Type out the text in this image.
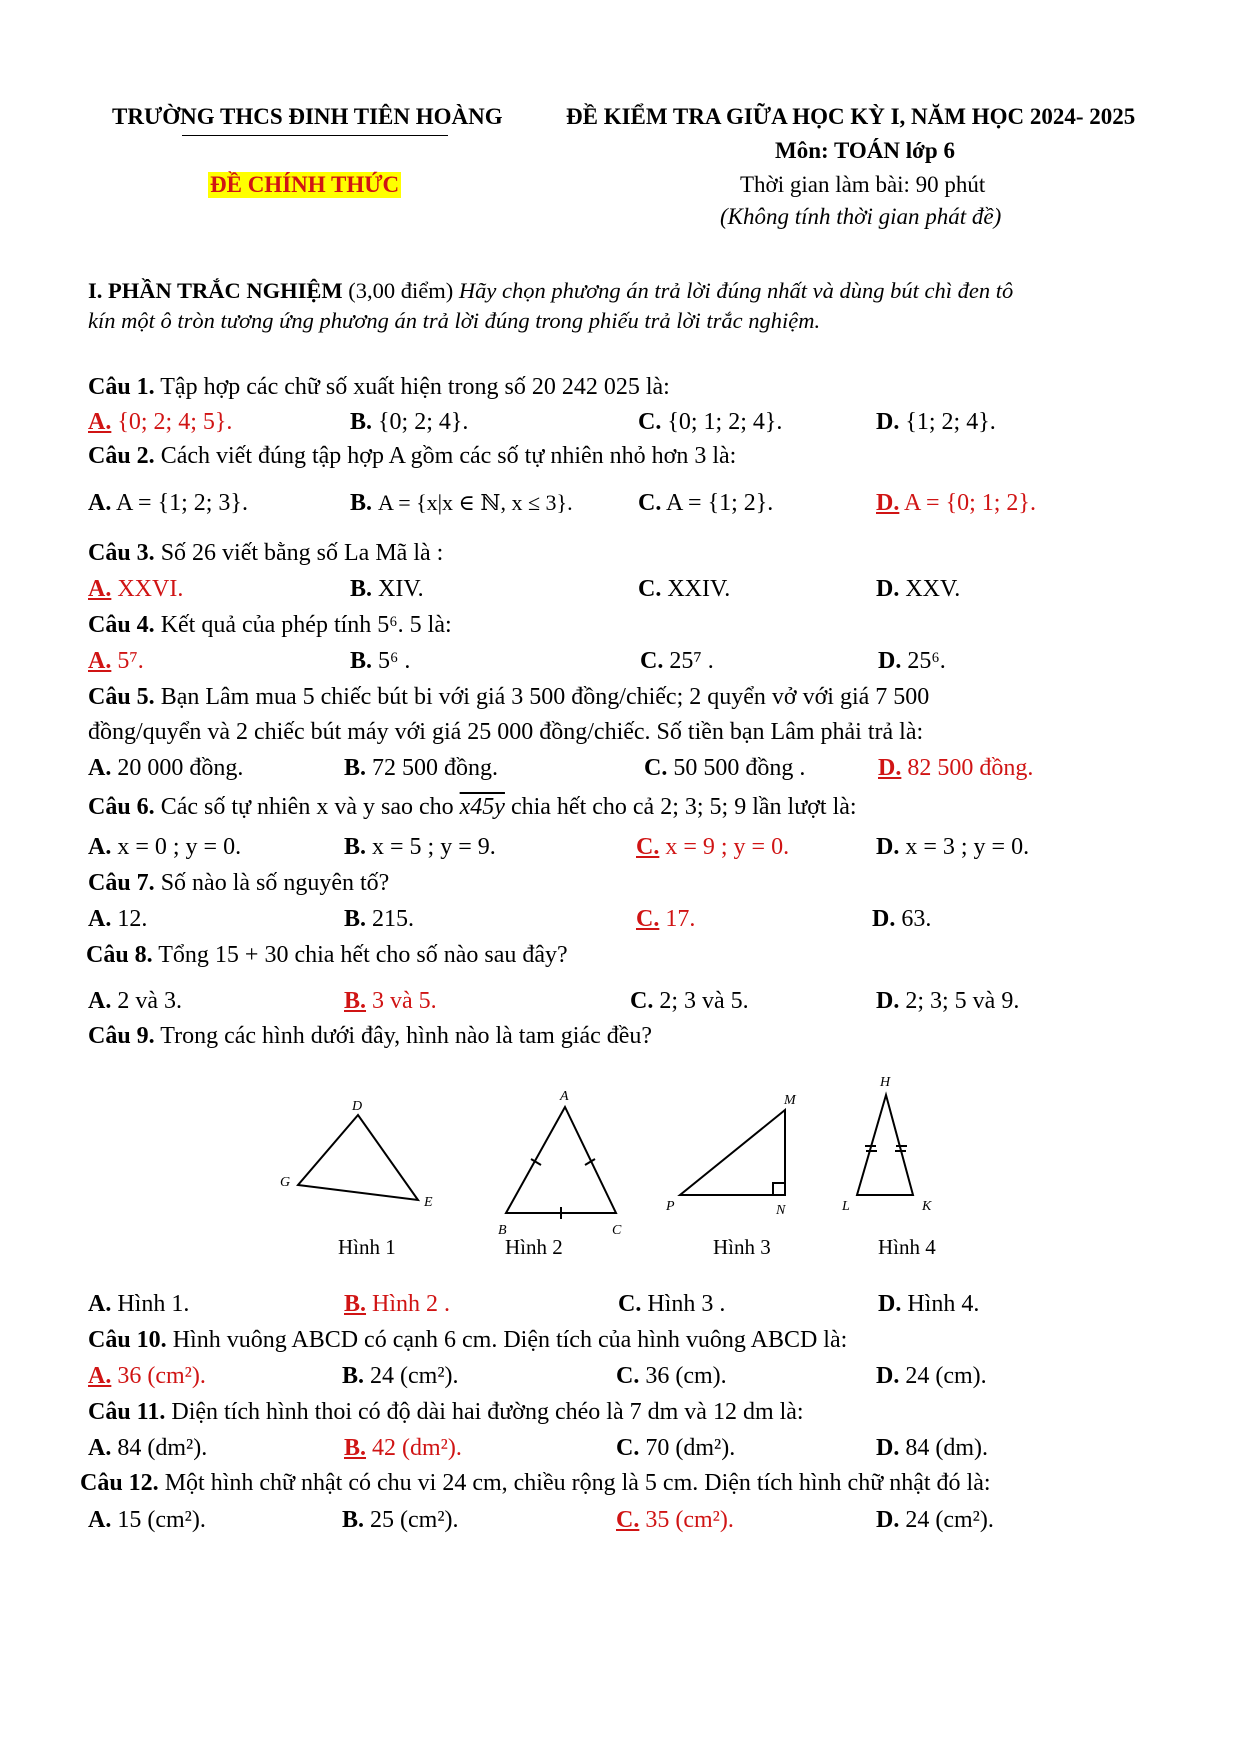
TRƯỜNG THCS ĐINH TIÊN HOÀNG	ĐỀ KIỂM TRA GIỮA HỌC KỲ I, NĂM HỌC 2024- 2025
Môn: TOÁN lớp 6
ĐỀ CHÍNH THỨC	Thời gian làm bài: 90 phút
(Không tính thời gian phát đề)
I. PHẦN TRẮC NGHIỆM (3,00 điểm) Hãy chọn phương án trả lời đúng nhất và dùng bút chì đen tô
kín một ô tròn tương ứng phương án trả lời đúng trong phiếu trả lời trắc nghiệm.
Câu 1. Tập hợp các chữ số xuất hiện trong số 20 242 025 là:
A. {0; 2; 4; 5}.	B. {0; 2; 4}.	C. {0; 1; 2; 4}.	D. {1; 2; 4}.
Câu 2. Cách viết đúng tập hợp A gồm các số tự nhiên nhỏ hơn 3 là:
A. A = {1; 2; 3}.	B. A = {x|x ∈ ℕ, x ≤ 3}.	C. A = {1; 2}.	D. A = {0; 1; 2}.
Câu 3. Số 26 viết bằng số La Mã là :
A. XXVI.	B. XIV.	C. XXIV.	D. XXV.
Câu 4. Kết quả của phép tính 5⁶. 5 là:
A. 5⁷.	B. 5⁶ .	C. 25⁷ .	D. 25⁶.
Câu 5. Bạn Lâm mua 5 chiếc bút bi với giá 3 500 đồng/chiếc; 2 quyển vở với giá 7 500
đồng/quyển và 2 chiếc bút máy với giá 25 000 đồng/chiếc. Số tiền bạn Lâm phải trả là:
A. 20 000 đồng.	B. 72 500 đồng.	C. 50 500 đồng .	D. 82 500 đồng.
Câu 6. Các số tự nhiên x và y sao cho x45y chia hết cho cả 2; 3; 5; 9 lần lượt là:
A. x = 0 ; y = 0.	B. x = 5 ; y = 9.	C. x = 9 ; y = 0.	D. x = 3 ; y = 0.
Câu 7. Số nào là số nguyên tố?
A. 12.	B. 215.	C. 17.	D. 63.
Câu 8. Tổng 15 + 30 chia hết cho số nào sau đây?
A. 2 và 3.	B. 3 và 5.	C. 2; 3 và 5.	D. 2; 3; 5 và 9.
Câu 9. Trong các hình dưới đây, hình nào là tam giác đều?
D
G
E
A
B	C
M
P	N
H
L	K
Hình 1	Hình 2	Hình 3	Hình 4
A. Hình 1.	B. Hình 2 .	C. Hình 3 .	D. Hình 4.
Câu 10. Hình vuông ABCD có cạnh 6 cm. Diện tích của hình vuông ABCD là:
A. 36 (cm²).	B. 24 (cm²).	C. 36 (cm).	D. 24 (cm).
Câu 11. Diện tích hình thoi có độ dài hai đường chéo là 7 dm và 12 dm là:
A. 84 (dm²).	B. 42 (dm²).	C. 70 (dm²).	D. 84 (dm).
Câu 12. Một hình chữ nhật có chu vi 24 cm, chiều rộng là 5 cm. Diện tích hình chữ nhật đó là:
A. 15 (cm²).	B. 25 (cm²).	C. 35 (cm²).	D. 24 (cm²).
